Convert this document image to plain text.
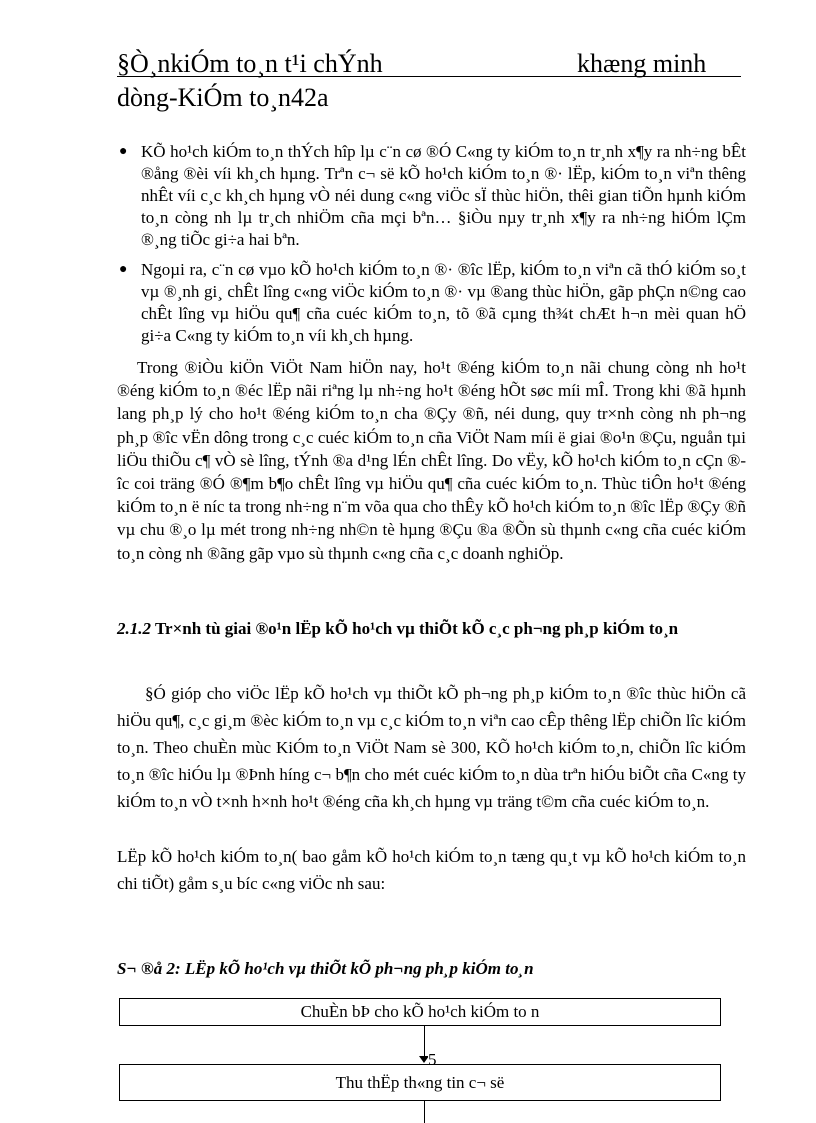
§Ò¸nkiÓm to¸n t¹i chÝnh	khæng minh
dòng-KiÓm to¸n42a
● KÕ ho¹ch kiÓm to¸n thÝch hîp lµ c¨n cø ®Ó C«ng ty kiÓm to¸n tr¸nh x¶y ra nh÷ng bÊt ®ång ®èi víi kh¸ch hµng. Trªn c¬ së kÕ ho¹ch kiÓm to¸n ®· lËp, kiÓm to¸n viªn thêng nhÊt víi c¸c kh¸ch hµng vÒ néi dung c«ng viÖc sÏ thùc hiÖn, thêi gian tiÕn hµnh kiÓm to¸n còng nh lµ tr¸ch nhiÖm cña mçi bªn… §iÒu nµy tr¸nh x¶y ra nh÷ng hiÓm lÇm ®¸ng tiÕc gi÷a hai bªn.
● Ngoµi ra, c¨n cø vµo kÕ ho¹ch kiÓm to¸n ®· ®îc lËp, kiÓm to¸n viªn cã thÓ kiÓm so¸t vµ ®¸nh gi¸ chÊt lîng c«ng viÖc kiÓm to¸n ®· vµ ®ang thùc hiÖn, gãp phÇn n©ng cao chÊt lîng vµ hiÖu qu¶ cña cuéc kiÓm to¸n, tõ ®ã cµng th¾t chÆt h¬n mèi quan hÖ gi÷a C«ng ty kiÓm to¸n víi kh¸ch hµng.
Trong ®iÒu kiÖn ViÖt Nam hiÖn nay, ho¹t ®éng kiÓm to¸n nãi chung còng nh ho¹t ®éng kiÓm to¸n ®éc lËp nãi riªng lµ nh÷ng ho¹t ®éng hÕt søc míi mÎ. Trong khi ®ã hµnh lang ph¸p lý cho ho¹t ®éng kiÓm to¸n cha ®Çy ®ñ, néi dung, quy tr×nh còng nh ph¬ng ph¸p ®îc vËn dông trong c¸c cuéc kiÓm to¸n cña ViÖt Nam míi ë giai ®o¹n ®Çu, nguån tµi liÖu thiÕu c¶ vÒ sè lîng, tÝnh ®a d¹ng lÉn chÊt lîng. Do vËy, kÕ ho¹ch kiÓm to¸n cÇn ®îc coi träng ®Ó ®¶m b¶o chÊt lîng vµ hiÖu qu¶ cña cuéc kiÓm to¸n. Thùc tiÔn ho¹t ®éng kiÓm to¸n ë níc ta trong nh÷ng n¨m võa qua cho thÊy kÕ ho¹ch kiÓm to¸n ®îc lËp ®Çy ®ñ vµ chu ®¸o lµ mét trong nh÷ng nh©n tè hµng ®Çu ®a ®Õn sù thµnh c«ng cña cuéc kiÓm to¸n còng nh ®ãng gãp vµo sù thµnh c«ng cña c¸c doanh nghiÖp.
2.1.2 Tr×nh tù giai ®o¹n lËp kÕ ho¹ch vµ thiÕt kÕ c¸c ph¬ng ph¸p kiÓm to¸n
§Ó gióp cho viÖc lËp kÕ ho¹ch vµ thiÕt kÕ ph¬ng ph¸p kiÓm to¸n ®îc thùc hiÖn cã hiÖu qu¶, c¸c gi¸m ®èc kiÓm to¸n vµ c¸c kiÓm to¸n viªn cao cÊp thêng lËp chiÕn lîc kiÓm to¸n. Theo chuÈn mùc KiÓm to¸n ViÖt Nam sè 300, KÕ ho¹ch kiÓm to¸n, chiÕn lîc kiÓm to¸n ®îc hiÓu lµ ®Þnh híng c¬ b¶n cho mét cuéc kiÓm to¸n dùa trªn hiÓu biÕt cña C«ng ty kiÓm to¸n vÒ t×nh h×nh ho¹t ®éng cña kh¸ch hµng vµ träng t©m cña cuéc kiÓm to¸n.
LËp kÕ ho¹ch kiÓm to¸n( bao gåm kÕ ho¹ch kiÓm to¸n tæng qu¸t vµ kÕ ho¹ch kiÓm to¸n chi tiÕt) gåm s¸u bíc c«ng viÖc nh sau:
S¬ ®å 2: LËp kÕ ho¹ch vµ thiÕt kÕ ph¬ng ph¸p kiÓm to¸n
ChuÈn bÞ cho kÕ ho¹ch kiÓm to n
5
Thu thËp th«ng tin c¬ së
